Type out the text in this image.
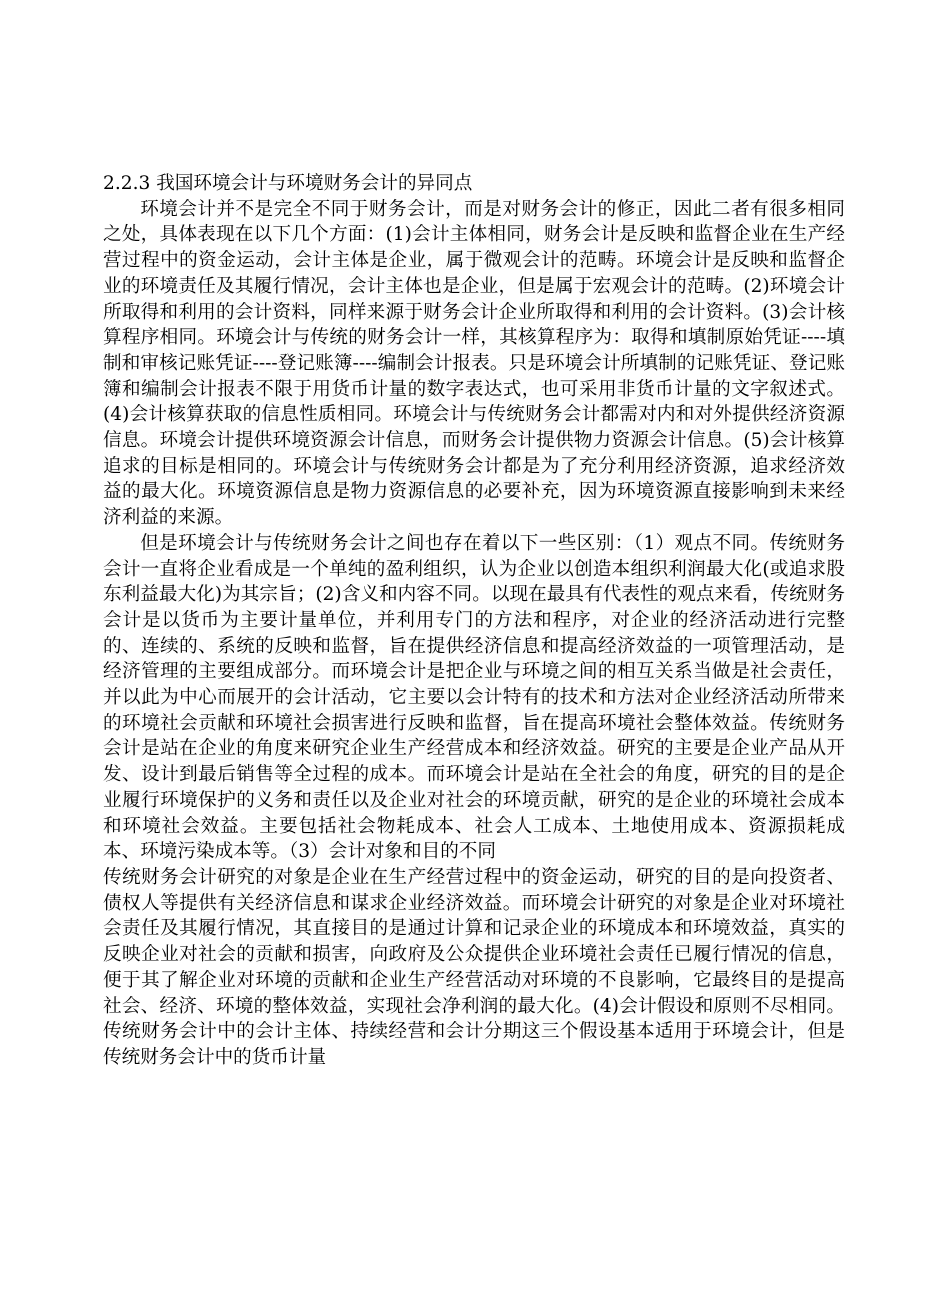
2.2.3 我国环境会计与环境财务会计的异同点

环境会计并不是完全不同于财务会计，而是对财务会计的修正，因此二者有很多相同之处，具体表现在以下几个方面：(1)会计主体相同，财务会计是反映和监督企业在生产经营过程中的资金运动，会计主体是企业，属于微观会计的范畴。环境会计是反映和监督企业的环境责任及其履行情况，会计主体也是企业，但是属于宏观会计的范畴。(2)环境会计所取得和利用的会计资料，同样来源于财务会计企业所取得和利用的会计资料。(3)会计核算程序相同。环境会计与传统的财务会计一样，其核算程序为：取得和填制原始凭证----填制和审核记账凭证----登记账簿----编制会计报表。只是环境会计所填制的记账凭证、登记账簿和编制会计报表不限于用货币计量的数字表达式，也可采用非货币计量的文字叙述式。(4)会计核算获取的信息性质相同。环境会计与传统财务会计都需对内和对外提供经济资源信息。环境会计提供环境资源会计信息，而财务会计提供物力资源会计信息。(5)会计核算追求的目标是相同的。环境会计与传统财务会计都是为了充分利用经济资源，追求经济效益的最大化。环境资源信息是物力资源信息的必要补充，因为环境资源直接影响到未来经济利益的来源。

但是环境会计与传统财务会计之间也存在着以下一些区别：（1）观点不同。传统财务会计一直将企业看成是一个单纯的盈利组织，认为企业以创造本组织利润最大化(或追求股东利益最大化)为其宗旨；(2)含义和内容不同。以现在最具有代表性的观点来看，传统财务会计是以货币为主要计量单位，并利用专门的方法和程序，对企业的经济活动进行完整的、连续的、系统的反映和监督，旨在提供经济信息和提高经济效益的一项管理活动，是经济管理的主要组成部分。而环境会计是把企业与环境之间的相互关系当做是社会责任，并以此为中心而展开的会计活动，它主要以会计特有的技术和方法对企业经济活动所带来的环境社会贡献和环境社会损害进行反映和监督，旨在提高环境社会整体效益。传统财务会计是站在企业的角度来研究企业生产经营成本和经济效益。研究的主要是企业产品从开发、设计到最后销售等全过程的成本。而环境会计是站在全社会的角度，研究的目的是企业履行环境保护的义务和责任以及企业对社会的环境贡献，研究的是企业的环境社会成本和环境社会效益。主要包括社会物耗成本、社会人工成本、土地使用成本、资源损耗成本、环境污染成本等。（3）会计对象和目的不同

传统财务会计研究的对象是企业在生产经营过程中的资金运动，研究的目的是向投资者、债权人等提供有关经济信息和谋求企业经济效益。而环境会计研究的对象是企业对环境社会责任及其履行情况，其直接目的是通过计算和记录企业的环境成本和环境效益，真实的反映企业对社会的贡献和损害，向政府及公众提供企业环境社会责任已履行情况的信息，便于其了解企业对环境的贡献和企业生产经营活动对环境的不良影响，它最终目的是提高社会、经济、环境的整体效益，实现社会净利润的最大化。(4)会计假设和原则不尽相同。传统财务会计中的会计主体、持续经营和会计分期这三个假设基本适用于环境会计，但是传统财务会计中的货币计量
